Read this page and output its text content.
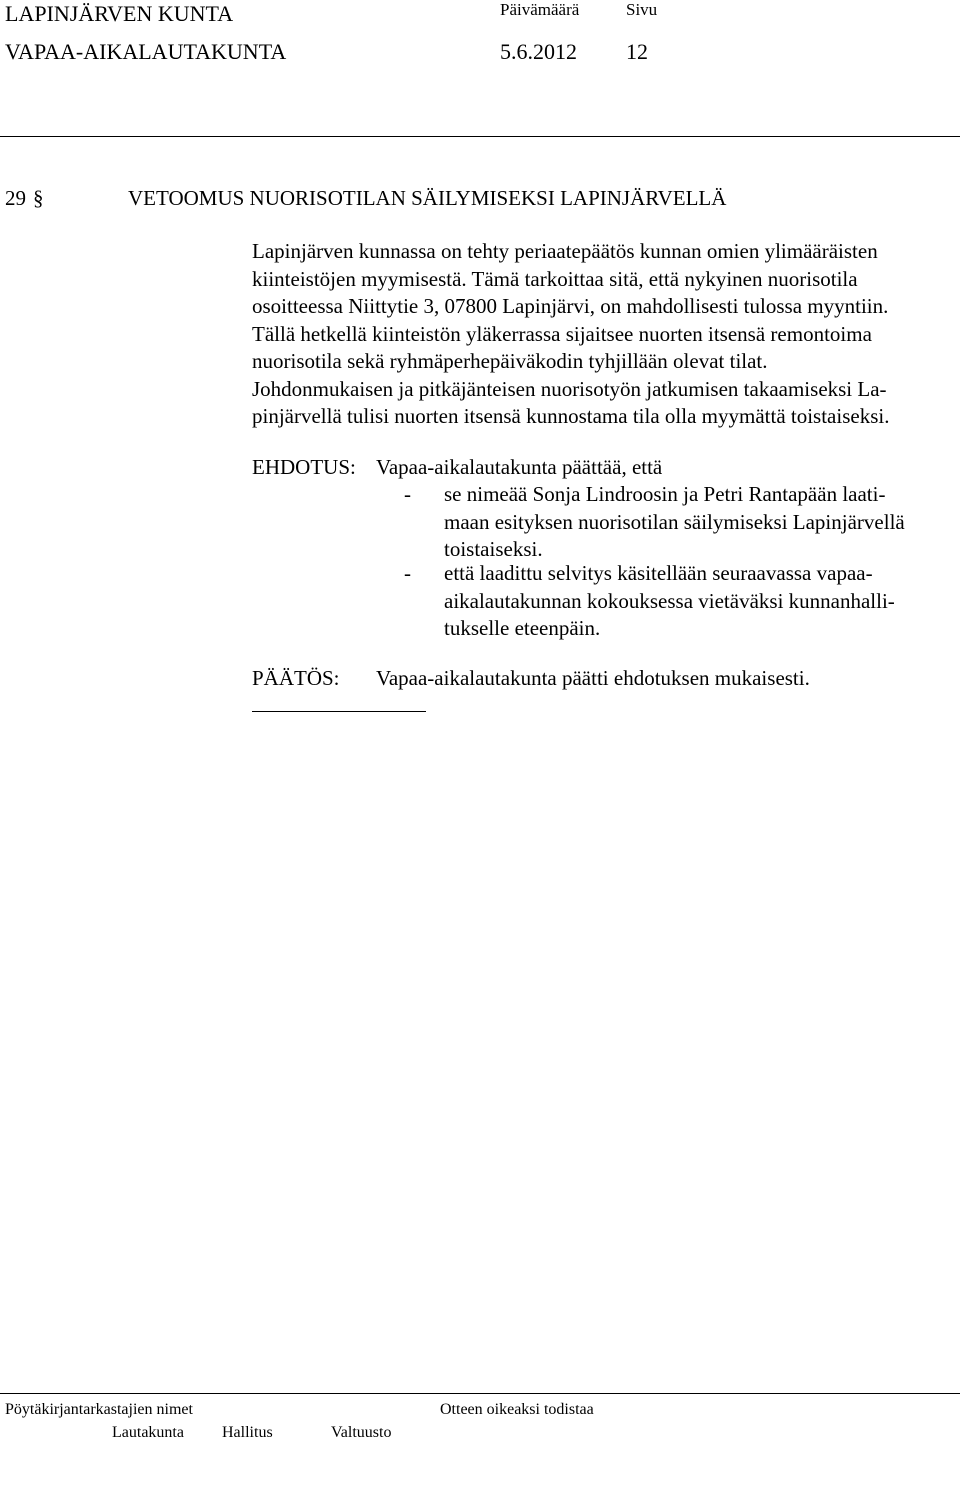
LAPINJÄRVEN KUNTA
VAPAA-AIKALAUTAKUNTA
Päivämäärä	Sivu
5.6.2012 12
29 §	VETOOMUS NUORISOTILAN SÄILYMISEKSI LAPINJÄRVELLÄ
Lapinjärven kunnassa on tehty periaatepäätös kunnan omien ylimääräisten
kiinteistöjen myymisestä. Tämä tarkoittaa sitä, että nykyinen nuorisotila
osoitteessa Niittytie 3, 07800 Lapinjärvi, on mahdollisesti tulossa myyntiin.
Tällä hetkellä kiinteistön yläkerrassa sijaitsee nuorten itsensä remontoima
nuorisotila sekä ryhmäperhepäiväkodin tyhjillään olevat tilat.
Johdonmukaisen ja pitkäjänteisen nuorisotyön jatkumisen takaamiseksi La-
pinjärvellä tulisi nuorten itsensä kunnostama tila olla myymättä toistaiseksi.
EHDOTUS: Vapaa-aikalautakunta päättää, että
- se nimeää Sonja Lindroosin ja Petri Rantapään laati-
maan esityksen nuorisotilan säilymiseksi Lapinjärvellä
toistaiseksi.
- että laadittu selvitys käsitellään seuraavassa vapaa-
aikalautakunnan kokouksessa vietäväksi kunnanhalli-
tukselle eteenpäin.
PÄÄTÖS: Vapaa-aikalautakunta päätti ehdotuksen mukaisesti.
Pöytäkirjantarkastajien nimet	Otteen oikeaksi todistaa
Lautakunta Hallitus	Valtuusto
